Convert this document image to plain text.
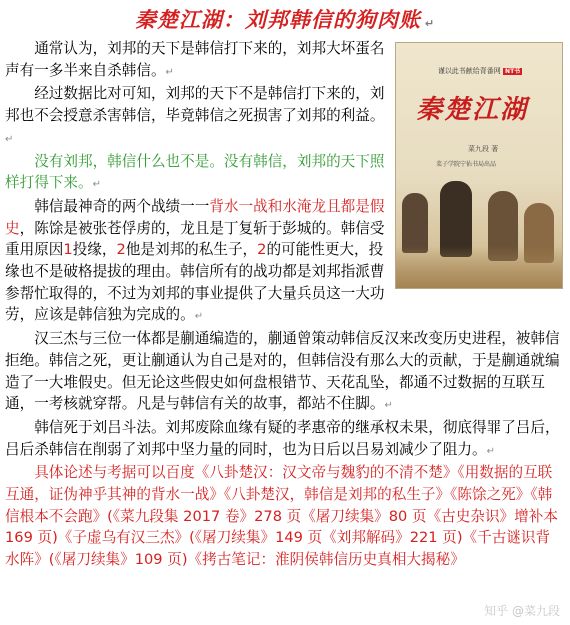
秦楚江湖：刘邦韩信的狗肉账 ↵
谨以此书献给背番网 NT书
秦楚江湖
菜九段 著
菜子学院宁佑书局出品

通常认为，刘邦的天下是韩信打下来的，刘邦大坏蛋名声有一多半来自杀韩信。↵

经过数据比对可知，刘邦的天下不是韩信打下来的，刘邦也不会授意杀害韩信，毕竟韩信之死损害了刘邦的利益。↵

没有刘邦，韩信什么也不是。没有韩信，刘邦的天下照样打得下来。↵

韩信最神奇的两个战绩一一背水一战和水淹龙且都是假史，陈馀是被张苍俘虏的，龙且是丁复斩于彭城的。韩信受重用原因1投缘，2他是刘邦的私生子，2的可能性更大，投缘也不是破格提拔的理由。韩信所有的战功都是刘邦指派曹参帮忙取得的，不过为刘邦的事业提供了大量兵员这一大功劳，应该是韩信独为完成的。↵

汉三杰与三位一体都是蒯通编造的，蒯通曾策动韩信反汉来改变历史进程，被韩信拒绝。韩信之死，更让蒯通认为自己是对的，但韩信没有那么大的贡献，于是蒯通就编造了一大堆假史。但无论这些假史如何盘根错节、天花乱坠，都通不过数据的互联互通，一考核就穿帮。凡是与韩信有关的故事，都站不住脚。↵

韩信死于刘吕斗法。刘邦废除血缘有疑的孝惠帝的继承权未果，彻底得罪了吕后，吕后杀韩信在削弱了刘邦中坚力量的同时，也为日后以吕易刘减少了阻力。↵

具体论述与考据可以百度《八卦楚汉：汉文帝与魏豹的不清不楚》《用数据的互联互通，证伪神乎其神的背水一战》《八卦楚汉，韩信是刘邦的私生子》《陈馀之死》《韩信根本不会跑》(《菜九段集 2017 卷》278 页《屠刀续集》80 页《古史杂识》增补本 169 页)《子虚乌有汉三杰》(《屠刀续集》149 页《刘邦解码》221 页)《千古谜识背水阵》(《屠刀续集》109 页)《拷古笔记：淮阴侯韩信历史真相大揭秘》

知乎 @菜九段
